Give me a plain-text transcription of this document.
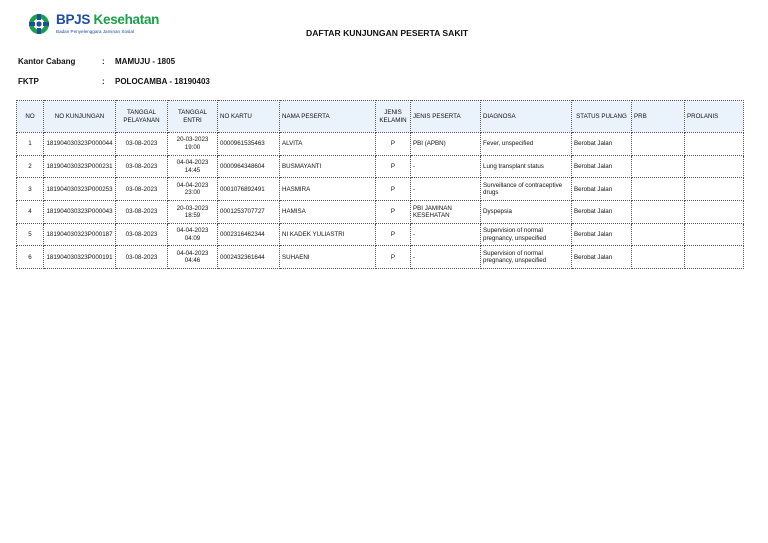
BPJS Kesehatan
Badan Penyelenggara Jaminan Sosial	DAFTAR KUNJUNGAN PESERTA SAKIT
Kantor Cabang	: MAMUJU - 1805
FKTP	: POLOCAMBA - 18190403
NO	NO KUNJUNGAN	TANGGAL PELAYANAN	TANGGAL ENTRI	NO KARTU	NAMA PESERTA	JENIS KELAMIN	JENIS PESERTA	DIAGNOSA	STATUS PULANG	PRB	PROLANIS
1	181904030323P000044	03-08-2023	20-03-2023 19:00	0000961535463	ALVITA	P	PBI (APBN)	Fever, unspecified	Berobat Jalan		
2	181904030323P000231	03-08-2023	04-04-2023 14:45	0000964348604	BUSMAYANTI	P	-	Lung transplant status	Berobat Jalan		
3	181904030323P000253	03-08-2023	04-04-2023 23:00	0001076892491	HASMIRA	P	-	Surveillance of contraceptive drugs	Berobat Jalan		
4	181904030323P000043	03-08-2023	20-03-2023 18:59	0001253707727	HAMISA	P	PBI JAMINAN KESEHATAN	Dyspepsia	Berobat Jalan		
5	181904030323P000187	03-08-2023	04-04-2023 04:09	0002316462344	NI KADEK YULIASTRI	P	-	Supervision of normal pregnancy, unspecified	Berobat Jalan		
6	181904030323P000191	03-08-2023	04-04-2023 04:46	0002432361644	SUHAENI	P	-	Supervision of normal pregnancy, unspecified	Berobat Jalan		
